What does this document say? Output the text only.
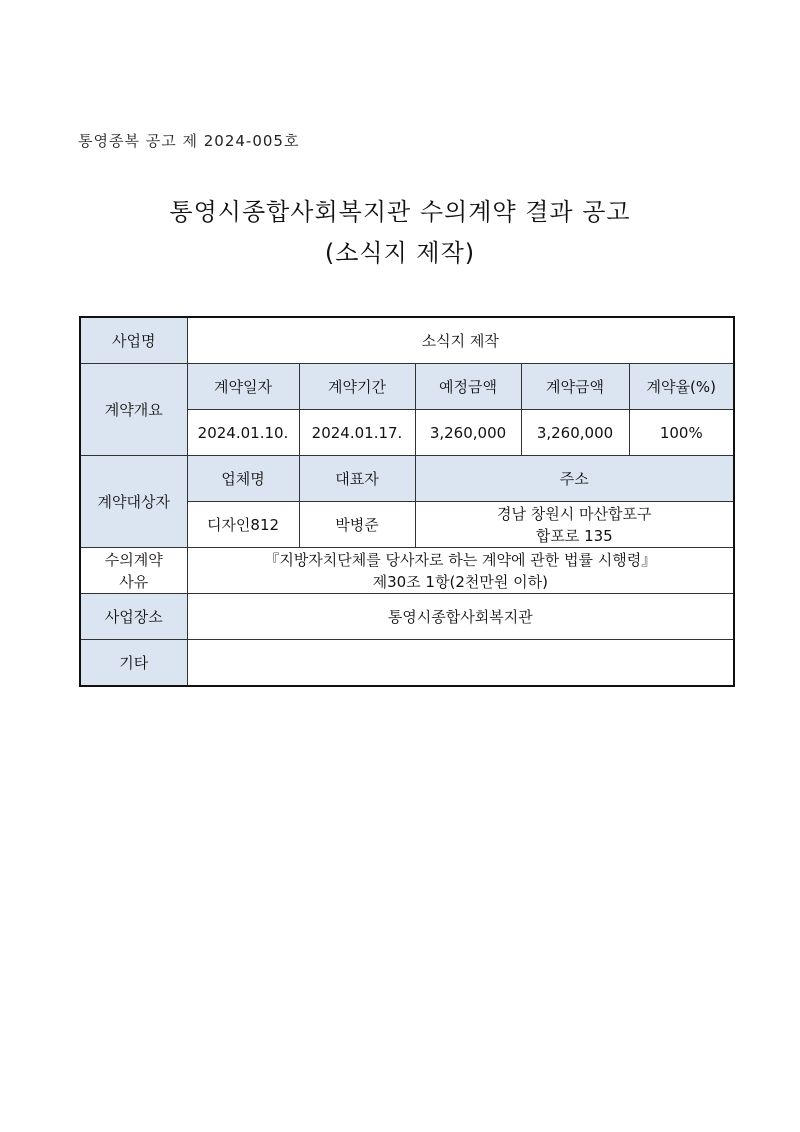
통영종복 공고 제 2024-005호
통영시종합사회복지관 수의계약 결과 공고
(소식지 제작)
사업명	소식지 제작				
계약개요	계약일자	계약기간	예정금액	계약금액	계약율(%)
	2024.01.10.	2024.01.17.	3,260,000	3,260,000	100%
계약대상자	업체명	대표자	주소		
	디자인812	박병준	경남 창원시 마산합포구
합포로 135		

수의계약
사유	『지방자치단체를 당사자로 하는 계약에 관한 법률 시행령』
제30조 1항(2천만원 이하)				

사업장소	통영시종합사회복지관				
기타					
